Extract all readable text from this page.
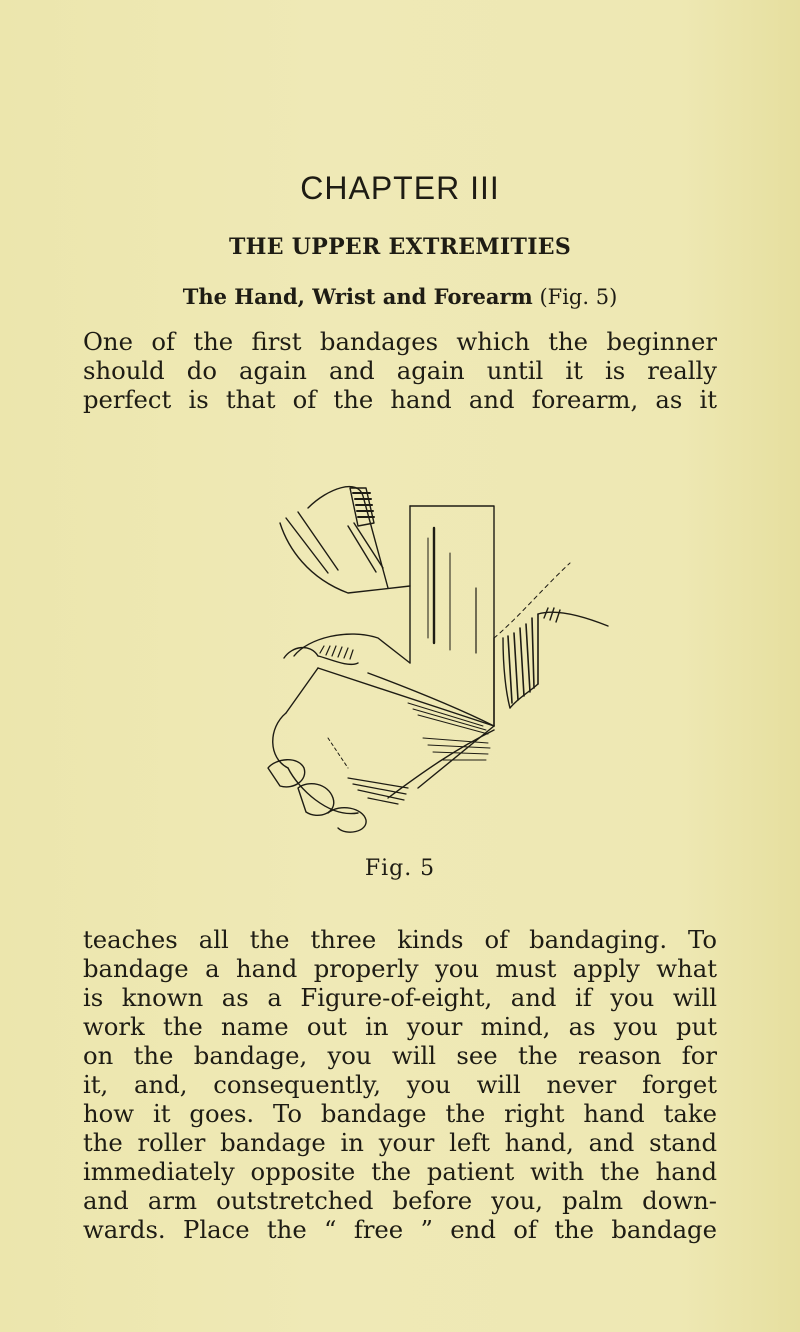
CHAPTER III
THE UPPER EXTREMITIES
The Hand, Wrist and Forearm (Fig. 5)
One of the first bandages which the beginner
should do again and again until it is really
perfect is that of the hand and forearm, as it
Fig. 5
teaches all the three kinds of bandaging. To
bandage a hand properly you must apply what
is known as a Figure-of-eight, and if you will
work the name out in your mind, as you put
on the bandage, you will see the reason for
it, and, consequently, you will never forget
how it goes. To bandage the right hand take
the roller bandage in your left hand, and stand
immediately opposite the patient with the hand
and arm outstretched before you, palm down-
wards. Place the “ free ” end of the bandage
